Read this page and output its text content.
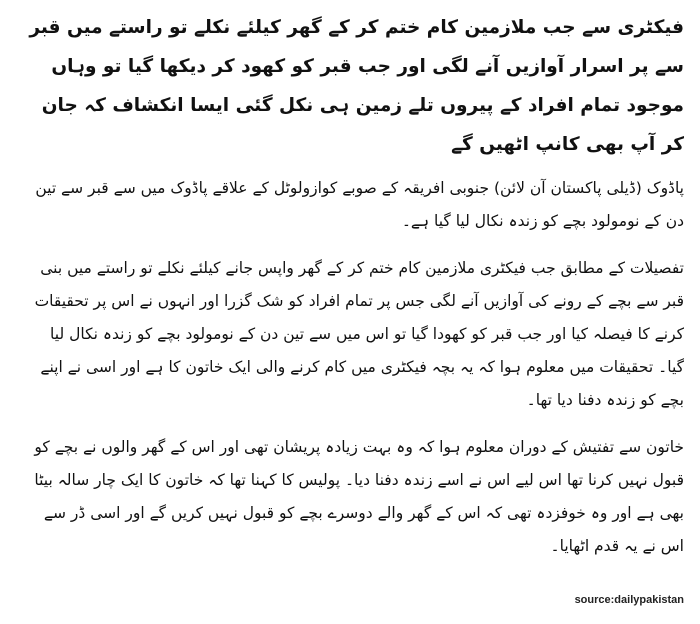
فیکٹری سے جب ملازمین کام ختم کر کے گھر کیلئے نکلے تو راستے میں قبر سے پر اسرار آوازیں آنے لگی اور جب قبر کو کھود کر دیکھا گیا تو وہاں موجود تمام افراد کے پیروں تلے زمین ہی نکل گئی ایسا انکشاف کہ جان کر آپ بھی کانپ اٹھیں گے

پاڈوک (ڈیلی پاکستان آن لائن) جنوبی افریقہ کے صوبے کوازولوٹل کے علاقے پاڈوک میں سے قبر سے تین دن کے نومولود بچے کو زندہ نکال لیا گیا ہے۔

تفصیلات کے مطابق جب فیکٹری ملازمین کام ختم کر کے گھر واپس جانے کیلئے نکلے تو راستے میں بنی قبر سے بچے کے رونے کی آوازیں آنے لگی جس پر تمام افراد کو شک گزرا اور انہوں نے اس پر تحقیقات کرنے کا فیصلہ کیا اور جب قبر کو کھودا گیا تو اس میں سے تین دن کے نومولود بچے کو زندہ نکال لیا گیا۔ تحقیقات میں معلوم ہوا کہ یہ بچہ فیکٹری میں کام کرنے والی ایک خاتون کا ہے اور اسی نے اپنے بچے کو زندہ دفنا دیا تھا۔

خاتون سے تفتیش کے دوران معلوم ہوا کہ وہ بہت زیادہ پریشان تھی اور اس کے گھر والوں نے بچے کو قبول نہیں کرنا تھا اس لیے اس نے اسے زندہ دفنا دیا۔ پولیس کا کہنا تھا کہ خاتون کا ایک چار سالہ بیٹا بھی ہے اور وہ خوفزدہ تھی کہ اس کے گھر والے دوسرے بچے کو قبول نہیں کریں گے اور اسی ڈر سے اس نے یہ قدم اٹھایا۔

source:dailypakistan
